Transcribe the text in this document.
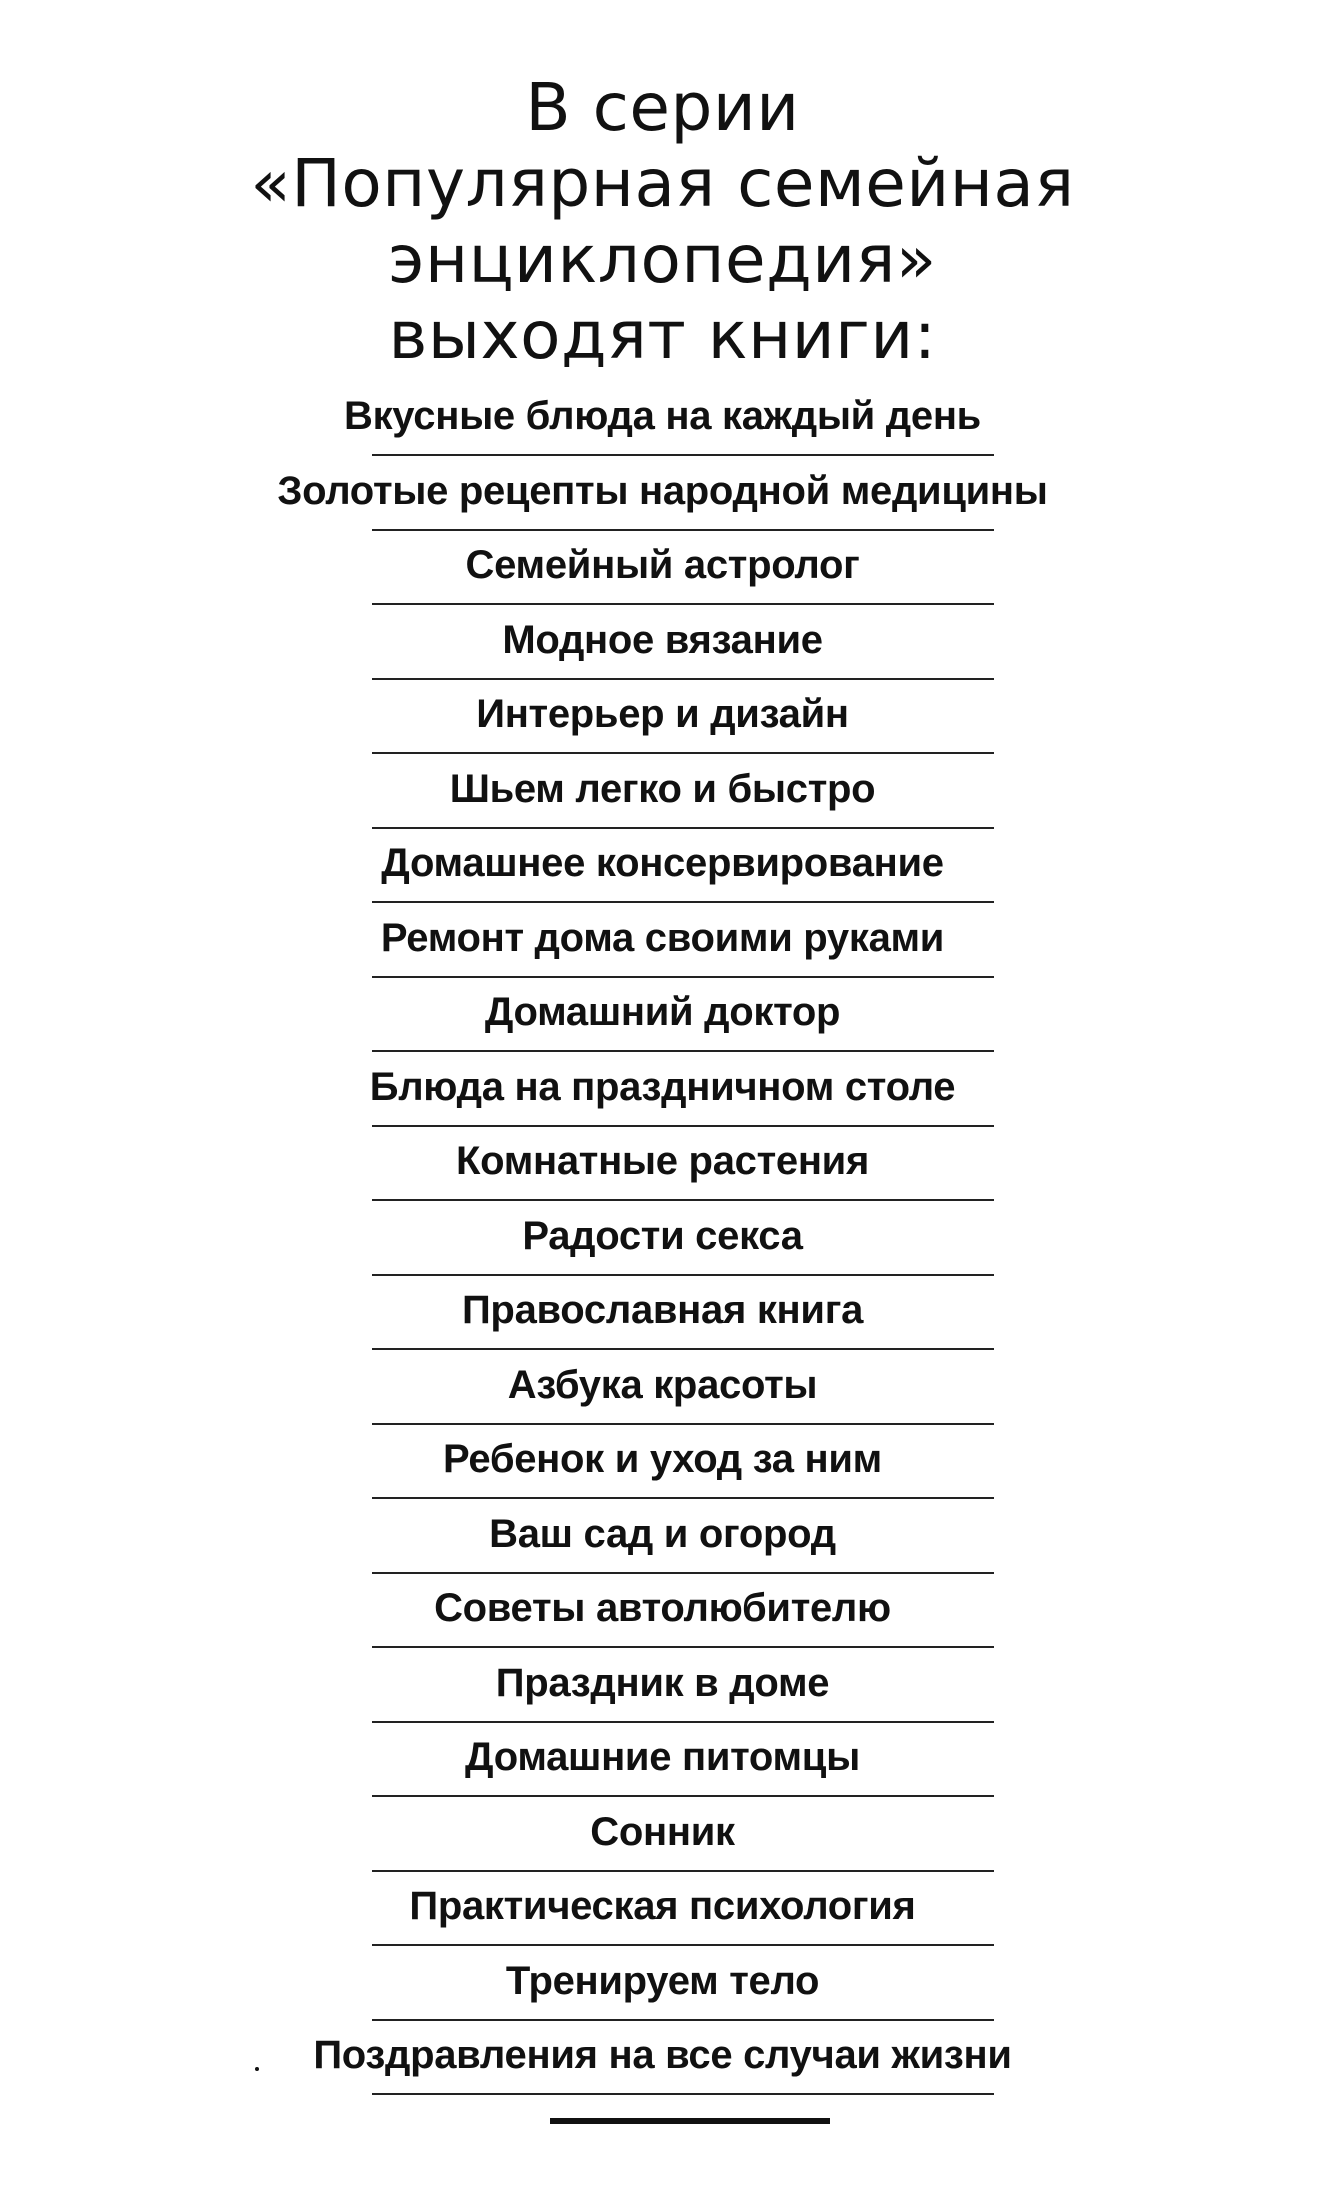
В серии
«Популярная семейная энциклопедия»
выходят книги:
Вкусные блюда на каждый день
Золотые рецепты народной медицины
Семейный астролог
Модное вязание
Интерьер и дизайн
Шьем легко и быстро
Домашнее консервирование
Ремонт дома своими руками
Домашний доктор
Блюда на праздничном столе
Комнатные растения
Радости секса
Православная книга
Азбука красоты
Ребенок и уход за ним
Ваш сад и огород
Советы автолюбителю
Праздник в доме
Домашние питомцы
Сонник
Практическая психология
Тренируем тело
Поздравления на все случаи жизни
